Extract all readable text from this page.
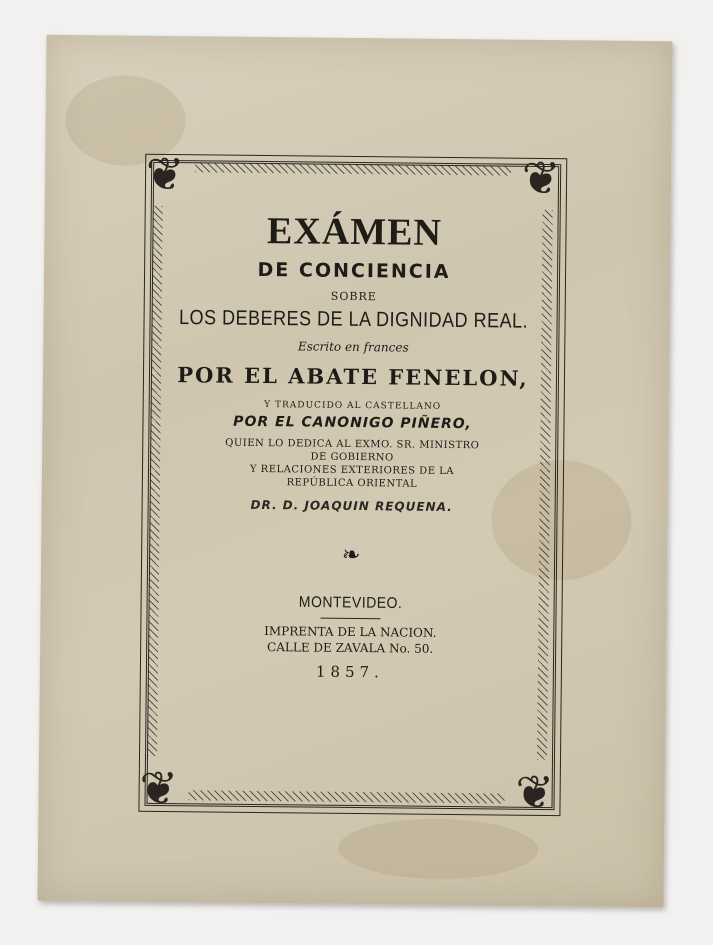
❦	❦
❦	❦
EXÁMEN
DE CONCIENCIA
SOBRE
LOS DEBERES DE LA DIGNIDAD REAL.
Escrito en frances
POR EL ABATE FENELON,
Y TRADUCIDO AL CASTELLANO
POR EL CANONIGO PIÑERO,
QUIEN LO DEDICA AL EXMO. SR. MINISTRO
DE GOBIERNO
Y RELACIONES EXTERIORES DE LA
REPÚBLICA ORIENTAL
DR. D. JOAQUIN REQUENA.
❧
MONTEVIDEO.
IMPRENTA DE LA NACION.
CALLE DE ZAVALA No. 50.
1857.
